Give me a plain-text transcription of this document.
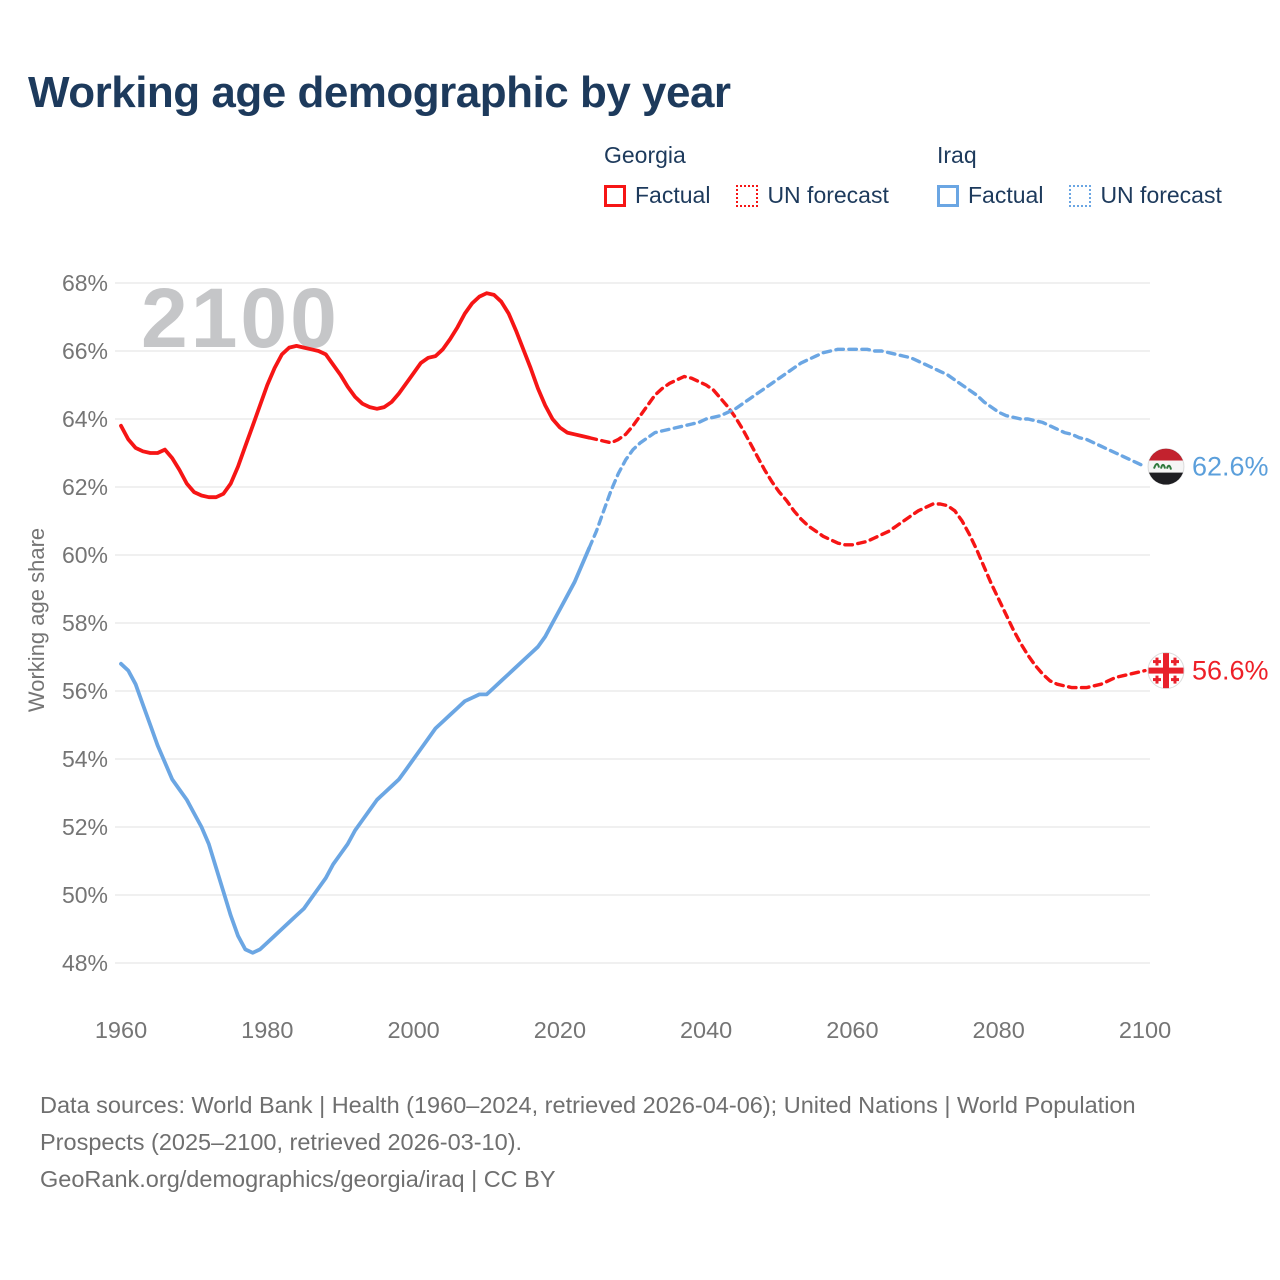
68%
66%
64%
62%
60%
58%
56%
54%
52%
50%
48%
2100
1960	1980	2000	2020	2040	2060	2080	2100
Working age share
62.6%
56.6%
Working age demographic by year
Georgia
Factual UN forecast
Iraq
Factual UN forecast

Data sources: World Bank | Health (1960–2024, retrieved 2026-04-06); United Nations | World Population Prospects (2025–2100, retrieved 2026-03-10).

GeoRank.org/demographics/georgia/iraq | CC BY
